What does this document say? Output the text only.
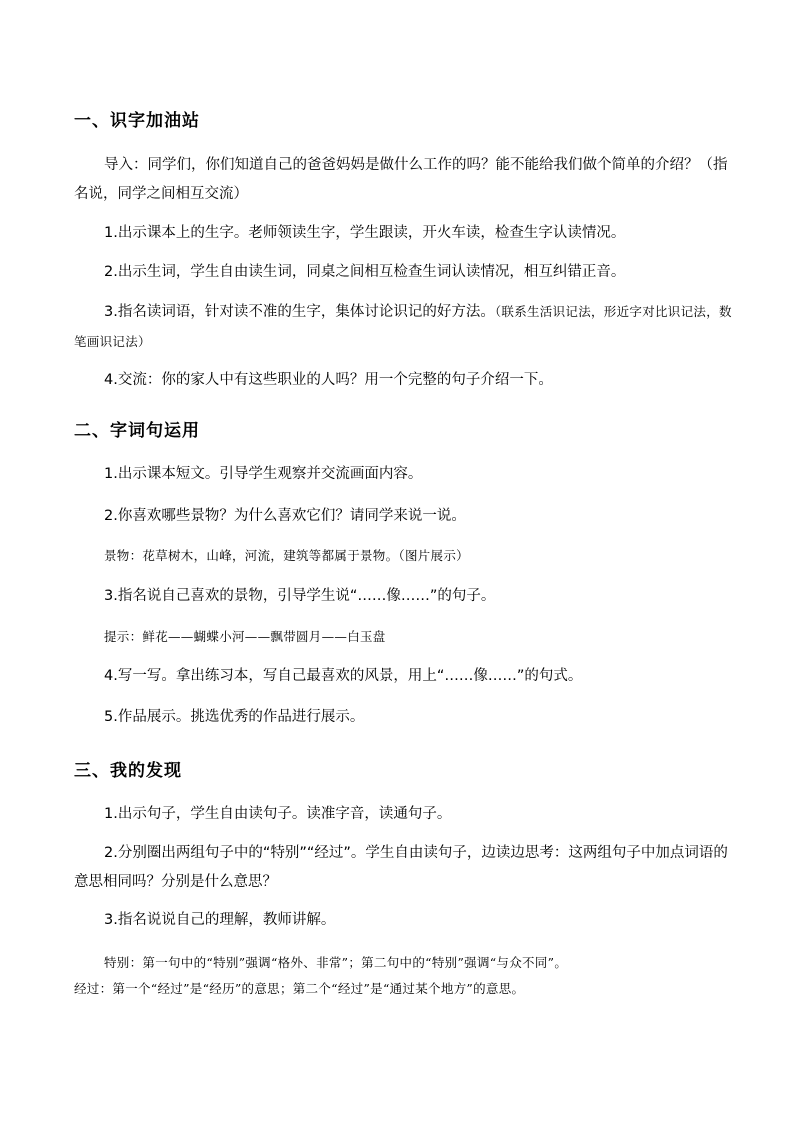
一、识字加油站
导入：同学们，你们知道自己的爸爸妈妈是做什么工作的吗？能不能给我们做个简单的介绍？（指名说，同学之间相互交流）
1.出示课本上的生字。老师领读生字，学生跟读，开火车读，检查生字认读情况。
2.出示生词，学生自由读生词，同桌之间相互检查生词认读情况，相互纠错正音。
3.指名读词语，针对读不准的生字，集体讨论识记的好方法。（联系生活识记法，形近字对比识记法，数笔画识记法）
4.交流：你的家人中有这些职业的人吗？用一个完整的句子介绍一下。
二、字词句运用
1.出示课本短文。引导学生观察并交流画面内容。
2.你喜欢哪些景物？为什么喜欢它们？请同学来说一说。
景物：花草树木，山峰，河流，建筑等都属于景物。（图片展示）
3.指名说自己喜欢的景物，引导学生说“……像……”的句子。
提示：鲜花——蝴蝶小河——飘带圆月——白玉盘
4.写一写。拿出练习本，写自己最喜欢的风景，用上“……像……”的句式。
5.作品展示。挑选优秀的作品进行展示。
三、我的发现
1.出示句子，学生自由读句子。读准字音，读通句子。
2.分别圈出两组句子中的“特别”“经过”。学生自由读句子，边读边思考：这两组句子中加点词语的意思相同吗？分别是什么意思？
3.指名说说自己的理解，教师讲解。
特别：第一句中的“特别”强调“格外、非常”；第二句中的“特别”强调“与众不同”。
经过：第一个“经过”是“经历”的意思；第二个“经过”是“通过某个地方”的意思。
